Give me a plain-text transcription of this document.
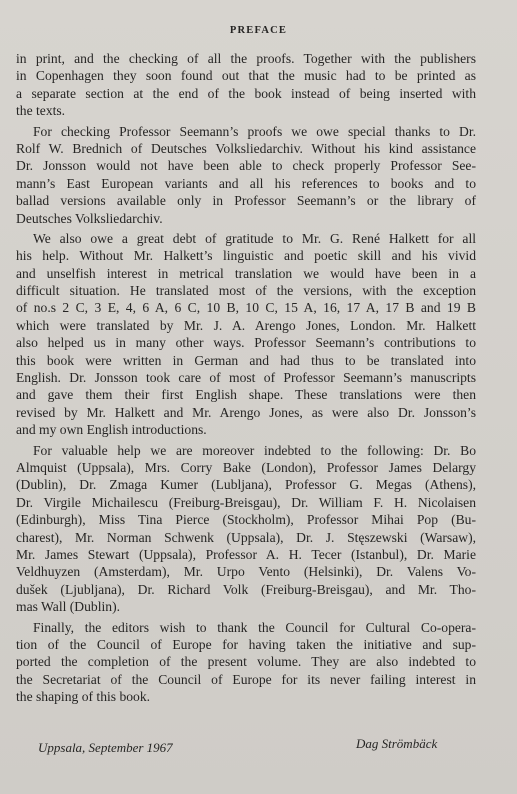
PREFACE
in print, and the checking of all the proofs. Together with the publishers
in Copenhagen they soon found out that the music had to be printed as
a separate section at the end of the book instead of being inserted with
the texts.
For checking Professor Seemann’s proofs we owe special thanks to Dr.
Rolf W. Brednich of Deutsches Volksliedarchiv. Without his kind assistance
Dr. Jonsson would not have been able to check properly Professor See-
mann’s East European variants and all his references to books and to
ballad versions available only in Professor Seemann’s or the library of
Deutsches Volksliedarchiv.
We also owe a great debt of gratitude to Mr. G. René Halkett for all
his help. Without Mr. Halkett’s linguistic and poetic skill and his vivid
and unselfish interest in metrical translation we would have been in a
difficult situation. He translated most of the versions, with the exception
of no.s 2 C, 3 E, 4, 6 A, 6 C, 10 B, 10 C, 15 A, 16, 17 A, 17 B and 19 B
which were translated by Mr. J. A. Arengo Jones, London. Mr. Halkett
also helped us in many other ways. Professor Seemann’s contributions to
this book were written in German and had thus to be translated into
English. Dr. Jonsson took care of most of Professor Seemann’s manuscripts
and gave them their first English shape. These translations were then
revised by Mr. Halkett and Mr. Arengo Jones, as were also Dr. Jonsson’s
and my own English introductions.
For valuable help we are moreover indebted to the following: Dr. Bo
Almquist (Uppsala), Mrs. Corry Bake (London), Professor James Delargy
(Dublin), Dr. Zmaga Kumer (Lubljana), Professor G. Megas (Athens),
Dr. Virgile Michailescu (Freiburg-Breisgau), Dr. William F. H. Nicolaisen
(Edinburgh), Miss Tina Pierce (Stockholm), Professor Mihai Pop (Bu-
charest), Mr. Norman Schwenk (Uppsala), Dr. J. Stęszewski (Warsaw),
Mr. James Stewart (Uppsala), Professor A. H. Tecer (Istanbul), Dr. Marie
Veldhuyzen (Amsterdam), Mr. Urpo Vento (Helsinki), Dr. Valens Vo-
dušek (Ljubljana), Dr. Richard Volk (Freiburg-Breisgau), and Mr. Tho-
mas Wall (Dublin).
Finally, the editors wish to thank the Council for Cultural Co-opera-
tion of the Council of Europe for having taken the initiative and sup-
ported the completion of the present volume. They are also indebted to
the Secretariat of the Council of Europe for its never failing interest in
the shaping of this book.
Uppsala, September 1967	Dag Strömbäck
